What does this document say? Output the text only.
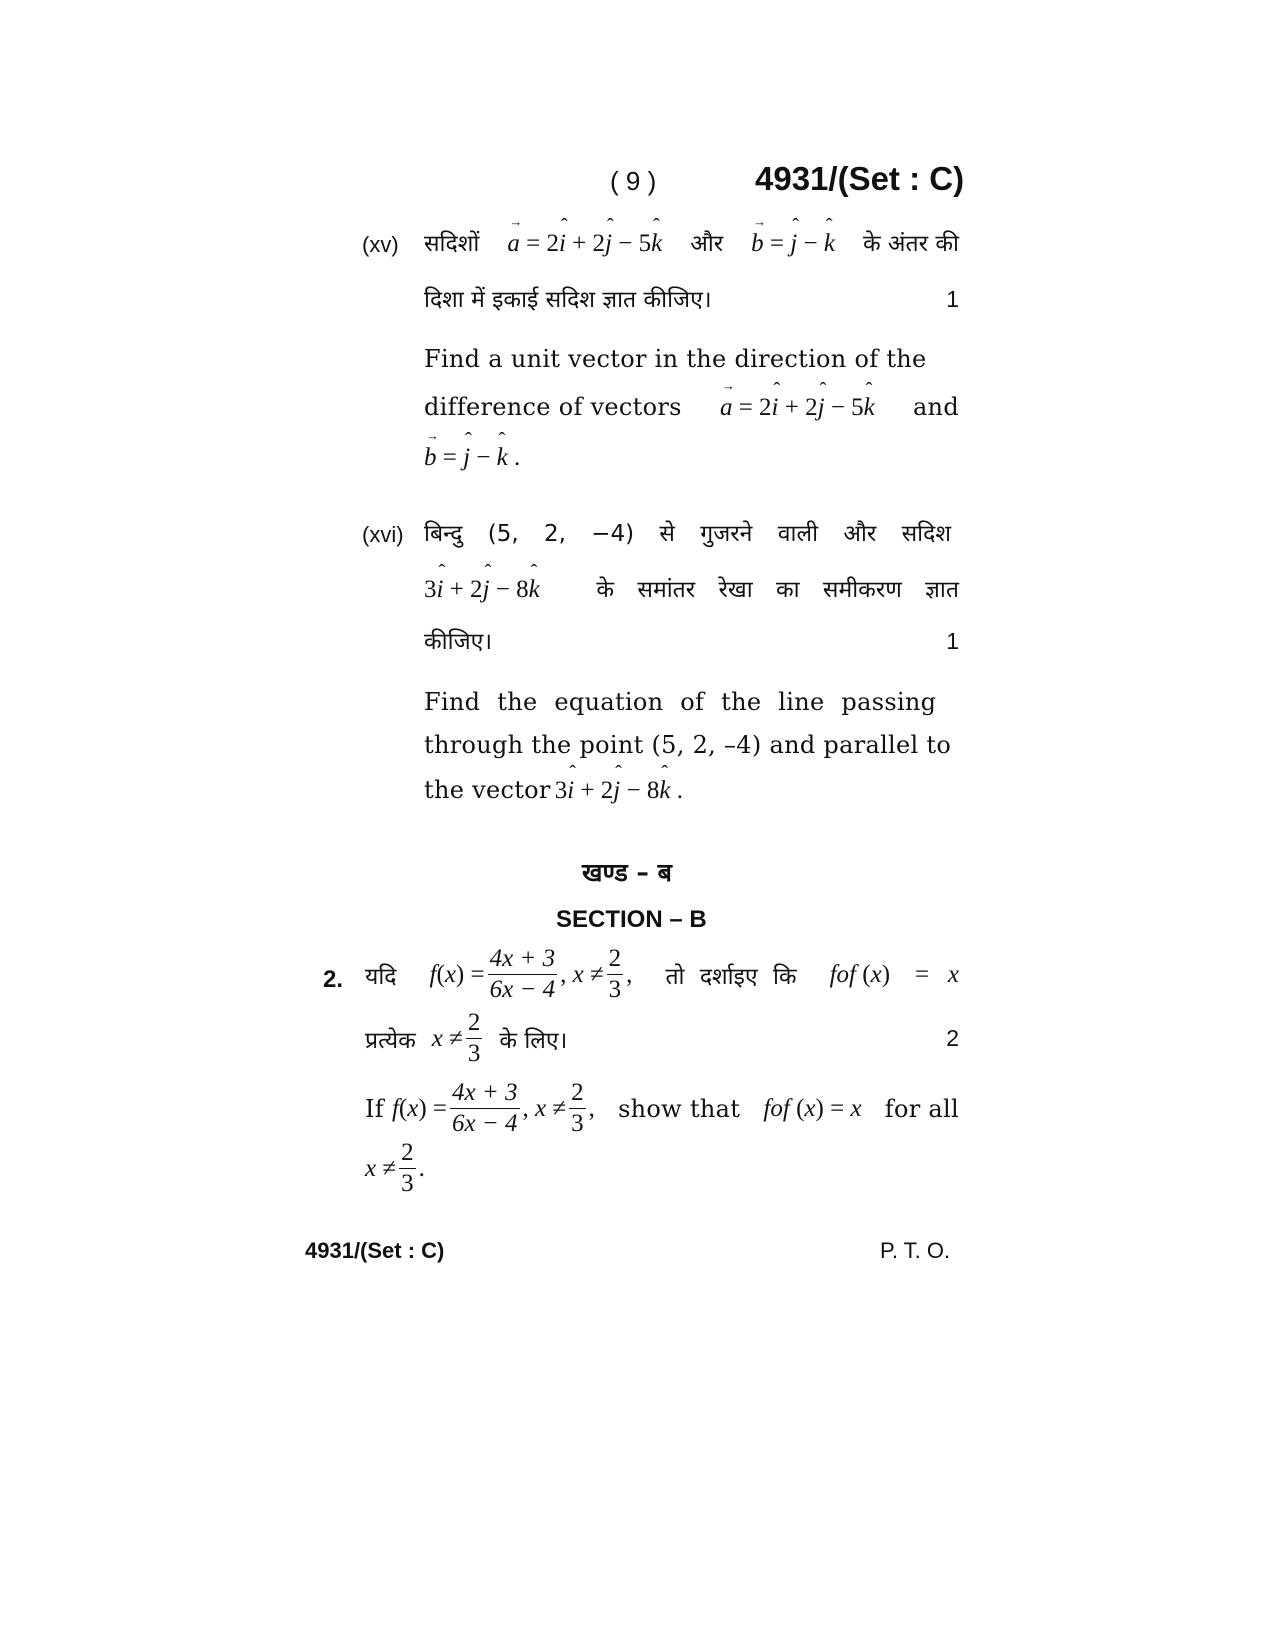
( 9 )	4931/(Set : C)
(xv) सदिशों → a = 2ˆ i + 2ˆ j − 5ˆ k और → b = ˆ j − ˆ k के अंतर की
दिशा में इकाई सदिश ज्ञात कीजिए।	1
Find a unit vector in the direction of the
difference of vectors → a = 2ˆ i + 2ˆ j − 5ˆ k and
→ b = ˆ j − ˆ k .
(xvi) बिन्दु (5, 2, −4) से गुजरने वाली और सदिश
3ˆ i + 2ˆ j − 8ˆ k के समांतर रेखा का समीकरण ज्ञात
कीजिए।	1
Find the equation of the line passing
through the point (5, 2, –4) and parallel to
the vector 3ˆ i + 2ˆ j − 8ˆ k .
खण्ड – ब
SECTION – B
2. यदि f ( x ) = $\frac{4x + 3}{6x - 4}$ , $x \ne \frac{2}{3}$ , तो दर्शाइए कि fof (x)    =   x
प्रत्येक $x \ne \frac{2}{3}$ के लिए।	2
If f ( x ) = $\frac{4x + 3}{6x - 4}$ , $x \ne \frac{2}{3}$ , show that fof (x) = x for all
$x \ne \frac{2}{3}$ .
4931/(Set : C)	P. T. O.
